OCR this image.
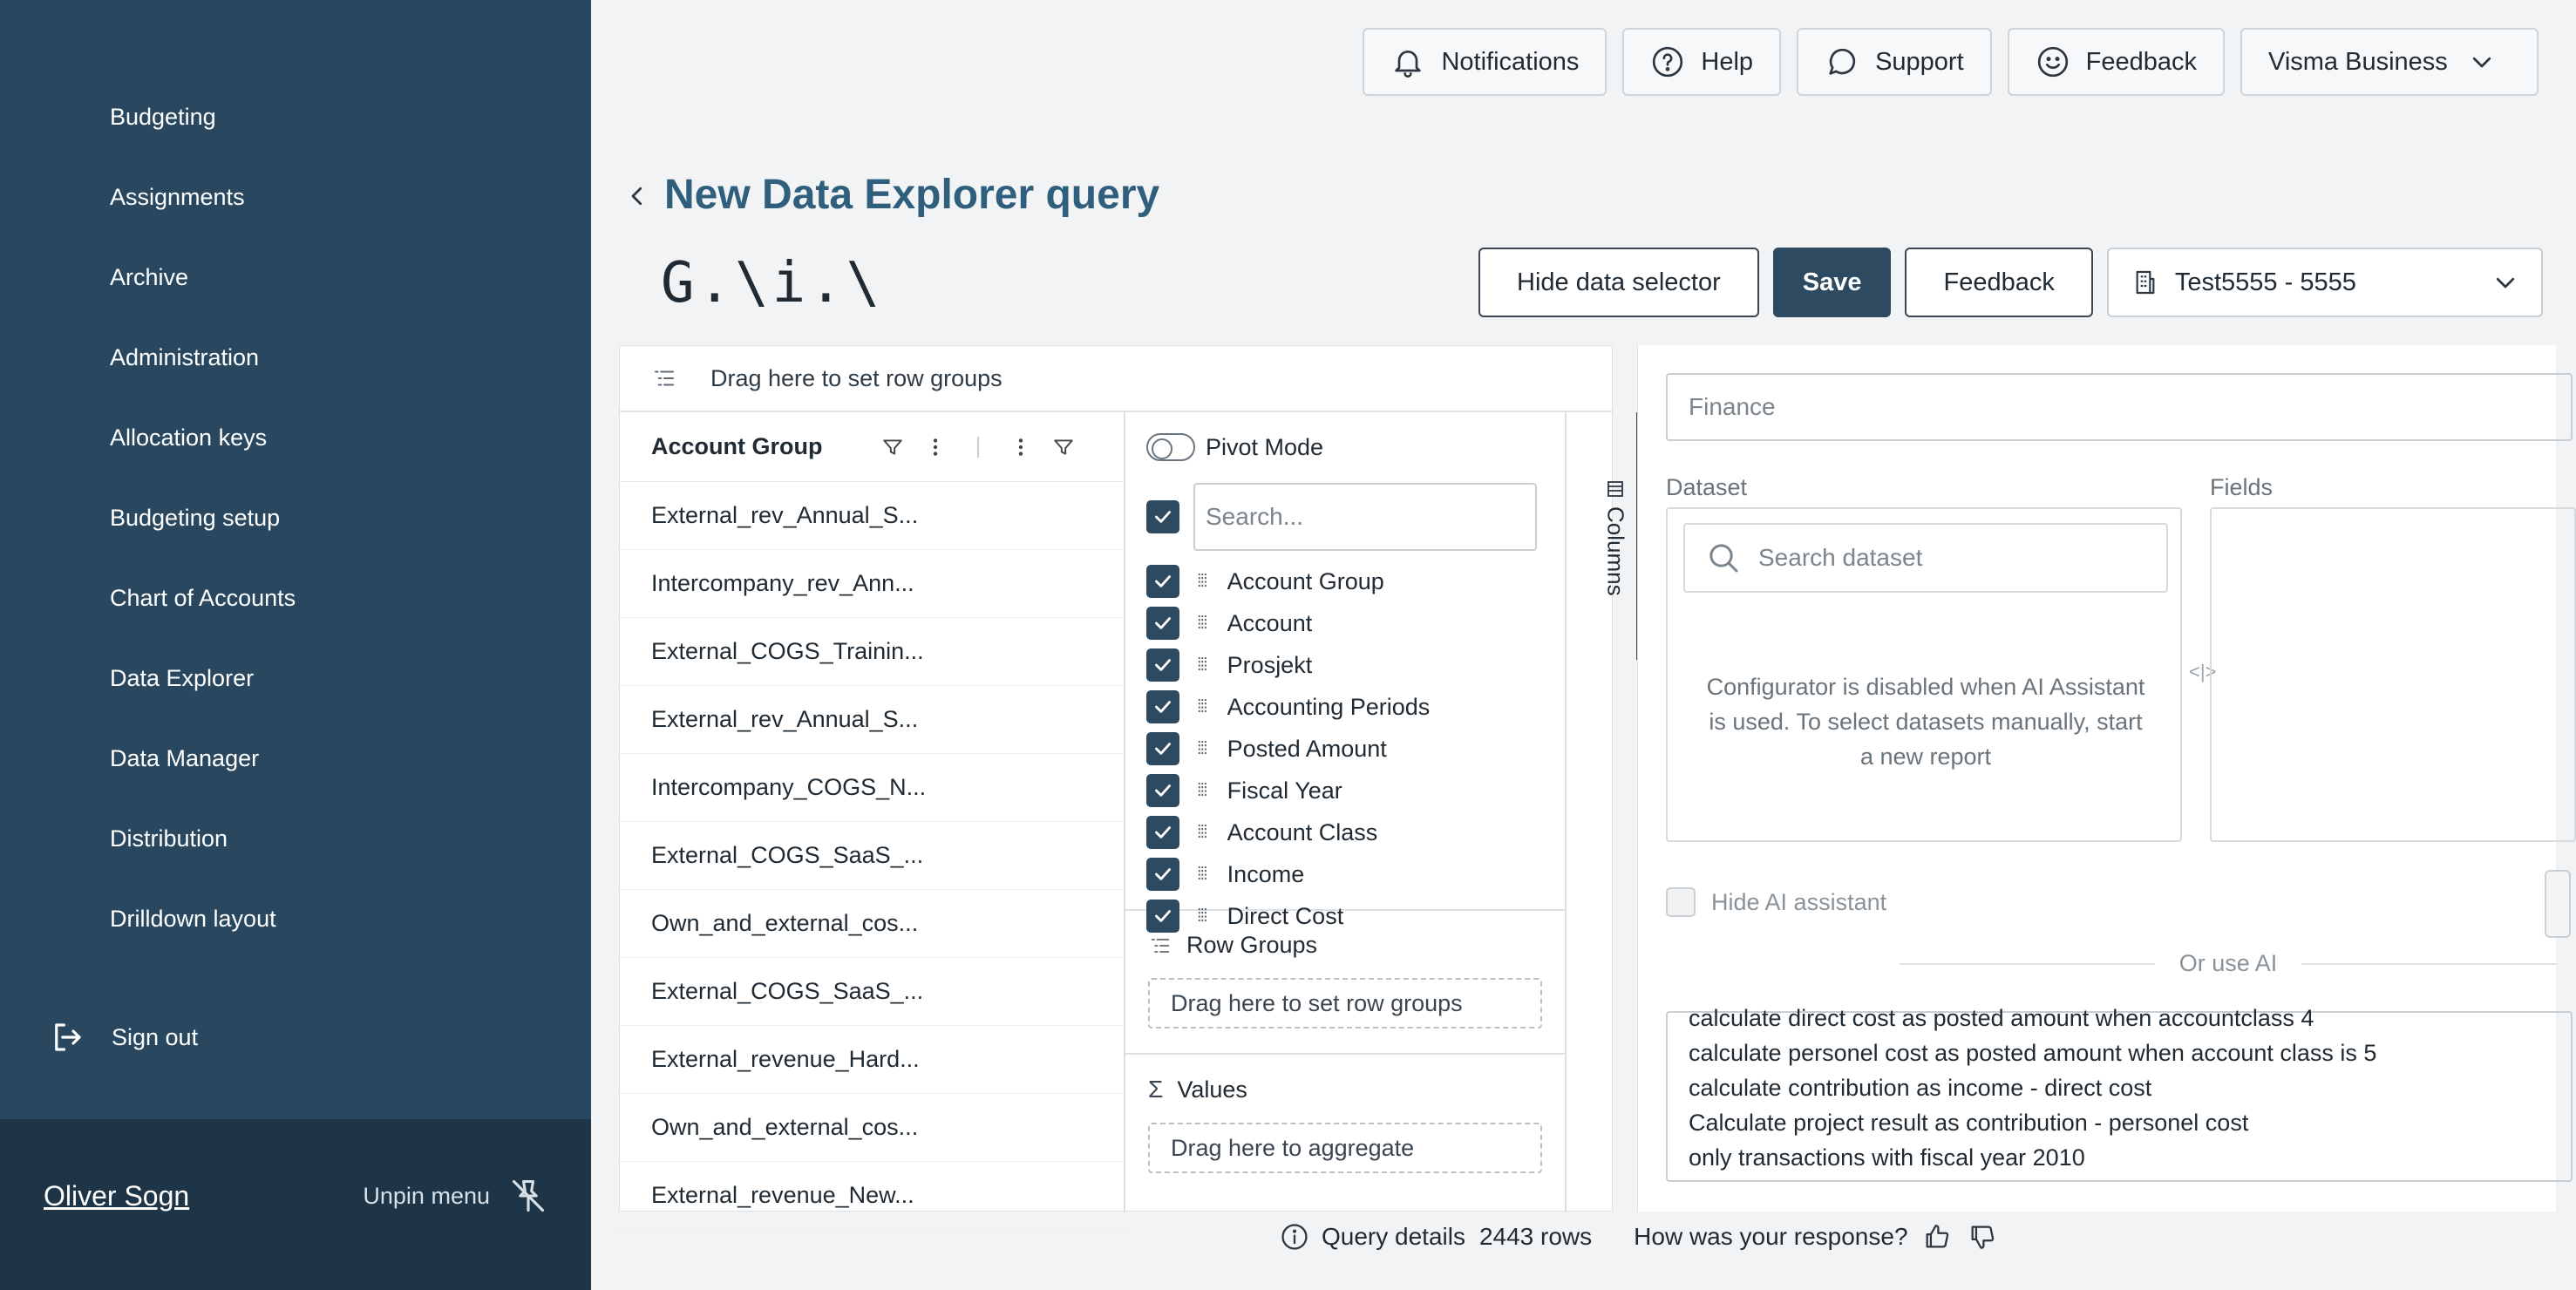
Budgeting
Assignments
Archive
Administration
Allocation keys
Budgeting setup
Chart of Accounts
Data Explorer
Data Manager
Distribution
Drilldown layout
Sign out
Oliver Sogn	Unpin menu
Notifications	Help	Support	Feedback	Visma Business
New Data Explorer query
G.\i.\	Hide data selector	Save	Feedback	Test5555 - 5555
Drag here to set row groups
Account Group
External_rev_Annual_S...
Intercompany_rev_Ann...
External_COGS_Trainin...
External_rev_Annual_S...
Intercompany_COGS_N...
External_COGS_SaaS_...
Own_and_external_cos...
External_COGS_SaaS_...
External_revenue_Hard...
Own_and_external_cos...
External_revenue_New...
Pivot Mode
Search...
⁞⁞⁞ Account Group
⁞⁞⁞ Account
⁞⁞⁞ Prosjekt
⁞⁞⁞ Accounting Periods
⁞⁞⁞ Posted Amount
⁞⁞⁞ Fiscal Year
⁞⁞⁞ Account Class
⁞⁞⁞ Income
⁞⁞⁞ Direct Cost
Row Groups
Drag here to set row groups
Σ Values
Drag here to aggregate
Columns
Finance
Dataset	Fields
Search dataset
Configurator is disabled when AI Assistant is used. To select datasets manually, start a new report
<|>
Hide AI assistant
Or use AI
calculate direct cost as posted amount when accountclass 4
calculate personel cost as posted amount when account class is 5
calculate contribution as income - direct cost
Calculate project result as contribution - personel cost
only transactions with fiscal year 2010
Query details 2443 rows How was your response?
